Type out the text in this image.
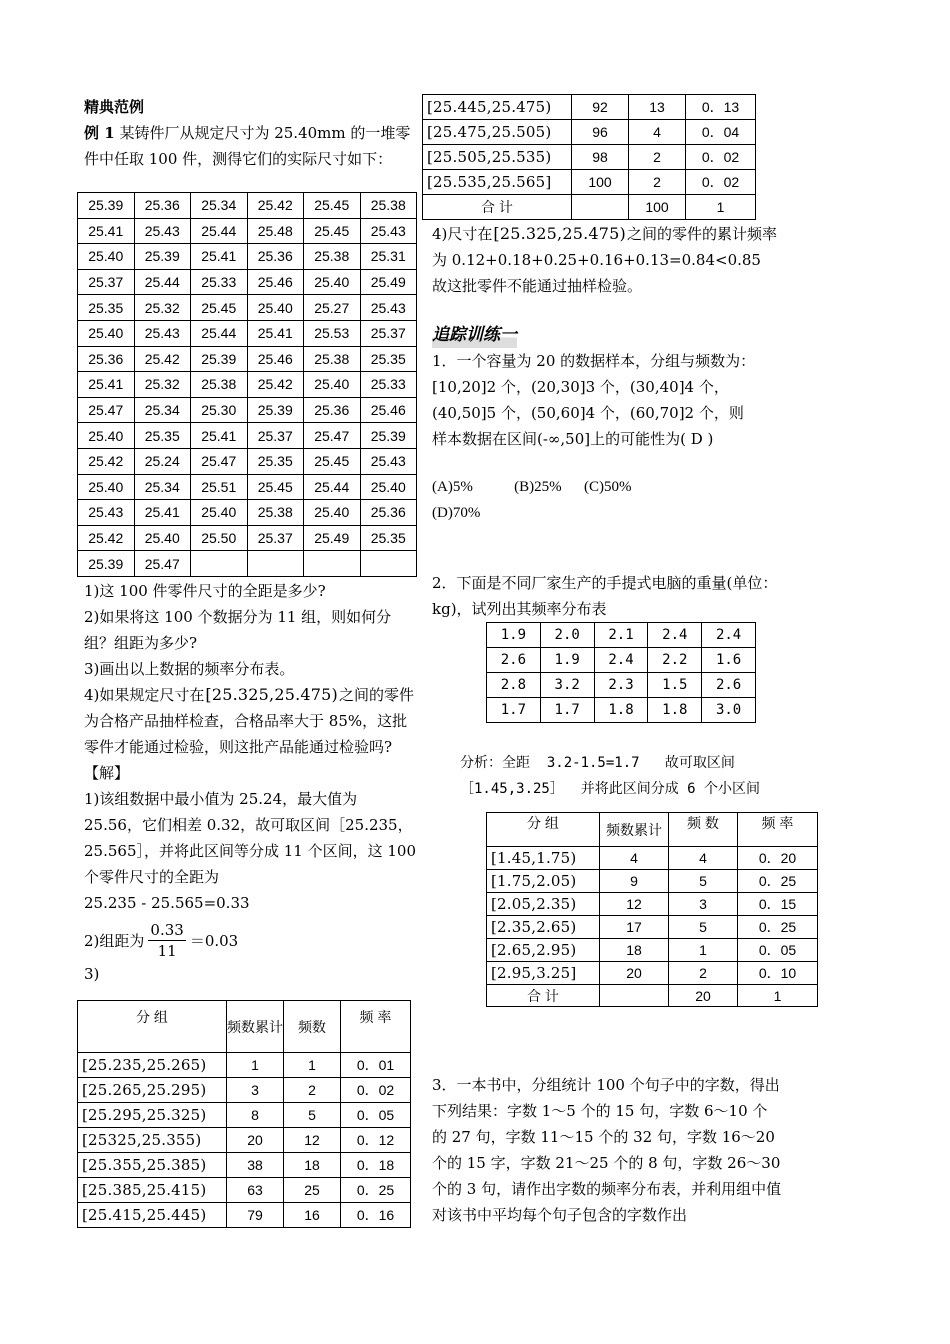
精典范例

例 1 某铸件厂从规定尺寸为 25.40mm 的一堆零件中任取 100 件，测得它们的实际尺寸如下：

25.39	25.36	25.34	25.42	25.45	25.38
25.41	25.43	25.44	25.48	25.45	25.43
25.40	25.39	25.41	25.36	25.38	25.31
25.37	25.44	25.33	25.46	25.40	25.49
25.35	25.32	25.45	25.40	25.27	25.43
25.40	25.43	25.44	25.41	25.53	25.37
25.36	25.42	25.39	25.46	25.38	25.35
25.41	25.32	25.38	25.42	25.40	25.33
25.47	25.34	25.30	25.39	25.36	25.46
25.40	25.35	25.41	25.37	25.47	25.39
25.42	25.24	25.47	25.35	25.45	25.43
25.40	25.34	25.51	25.45	25.44	25.40
25.43	25.41	25.40	25.38	25.40	25.36
25.42	25.40	25.50	25.37	25.49	25.35
25.39	25.47				

1)这 100 件零件尺寸的全距是多少?

2)如果将这 100 个数据分为 11 组，则如何分组？组距为多少?

3)画出以上数据的频率分布表。

4)如果规定尺寸在[25.325,25.475)之间的零件为合格产品抽样检查，合格品率大于 85%，这批零件才能通过检验，则这批产品能通过检验吗?

【解】

1)该组数据中最小值为 25.24，最大值为 25.56，它们相差 0.32，故可取区间［25.235，25.565］，并将此区间等分成 11 个区间，这 100 个零件尺寸的全距为

25.235 - 25.565=0.33

2)组距为 $\frac{0.33}{11} =0.03$

3)

分 组	频数累计	频数	频 率
[25.235,25.265)	1	1	0．01
[25.265,25.295)	3	2	0．02
[25.295,25.325)	8	5	0．05
[25325,25.355)	20	12	0．12
[25.355,25.385)	38	18	0．18
[25.385,25.415)	63	25	0．25
[25.415,25.445)	79	16	0．16
[25.445,25.475)	92	13	0．13
[25.475,25.505)	96	4	0．04
[25.505,25.535)	98	2	0．02
[25.535,25.565]	100	2	0．02
合 计		100	1

4)尺寸在[25.325,25.475)之间的零件的累计频率为 0.12+0.18+0.25+0.16+0.13=0.84<0.85

故这批零件不能通过抽样检验。

追踪训练一

1．一个容量为 20 的数据样本，分组与频数为：

[10,20]2 个，(20,30]3 个，(30,40]4 个，

(40,50]5 个，(50,60]4 个，(60,70]2 个，则

样本数据在区间(-∞,50]上的可能性为( D )

(A)5%           (B)25%      (C)50%

(D)70%

2．下面是不同厂家生产的手提式电脑的重量(单位：kg)，试列出其频率分布表

1.9	2.0	2.1	2.4	2.4
2.6	1.9	2.4	2.2	1.6
2.8	3.2	2.3	1.5	2.6
1.7	1.7	1.8	1.8	3.0

分析：全距  3.2-1.5=1.7   故可取区间

［1.45,3.25］  并将此区间分成 6 个小区间

分 组	频数累计	频 数	频 率
[1.45,1.75)	4	4	0．20
[1.75,2.05)	9	5	0．25
[2.05,2.35)	12	3	0．15
[2.35,2.65)	17	5	0．25
[2.65,2.95)	18	1	0．05
[2.95,3.25]	20	2	0．10
合 计		20	1

3．一本书中，分组统计 100 个句子中的字数，得出下列结果：字数 1～5 个的 15 句，字数 6～10 个的 27 句，字数 11～15 个的 32 句，字数 16～20 个的 15 字，字数 21～25 个的 8 句，字数 26～30 个的 3 句，请作出字数的频率分布表，并利用组中值对该书中平均每个句子包含的字数作出
